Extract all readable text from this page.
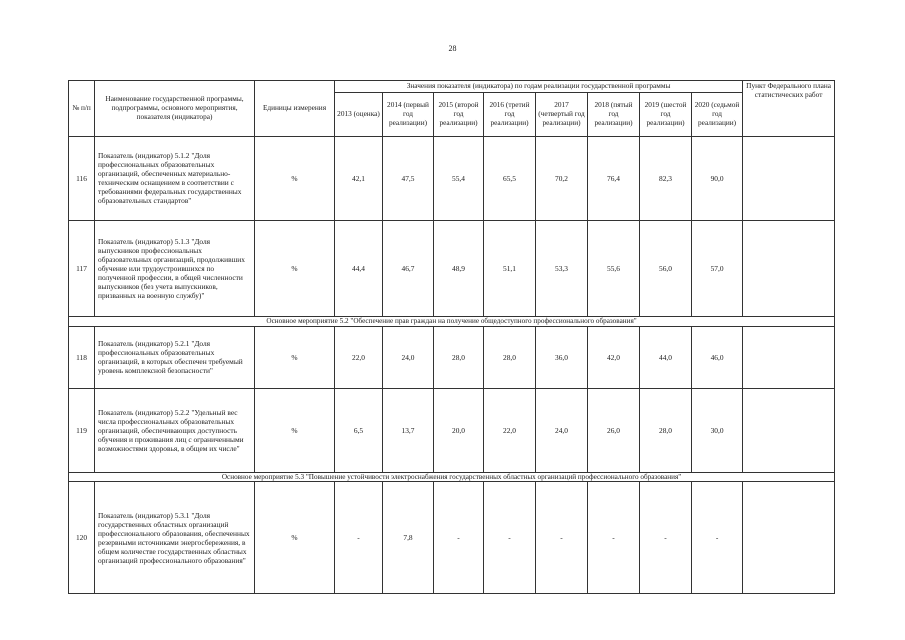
28
№ п/п	Наименование государственной программы, подпрограммы, основного мероприятия, показателя (индикатора)	Единицы измерения	Значения показателя (индикатора) по годам реализации государственной программы								Пункт Федерального плана статистических работ
			2013 (оценка)	2014 (первый год реализации)	2015 (второй год реализации)	2016 (третий год реализации)	2017 (четвертый год реализации)	2018 (пятый год реализации)	2019 (шестой год реализации)	2020 (седьмой год реализации)	
116	Показатель (индикатор) 5.1.2 "Доля профессиональных образовательных организаций, обеспеченных материально-техническим оснащением в соответствии с требованиями федеральных государственных образовательных стандартов"	%	42,1	47,5	55,4	65,5	70,2	76,4	82,3	90,0	
117	Показатель (индикатор) 5.1.3 "Доля выпускников профессиональных образовательных организаций, продолживших обучение или трудоустроившихся по полученной профессии, в общей численности выпускников (без учета выпускников, призванных на военную службу)"	%	44,4	46,7	48,9	51,1	53,3	55,6	56,0	57,0	
Основное мероприятие 5.2 "Обеспечение прав граждан на получение общедоступного профессионального образования"											
118	Показатель (индикатор) 5.2.1 "Доля профессиональных образовательных организаций, в которых обеспечен требуемый уровень комплексной безопасности"	%	22,0	24,0	28,0	28,0	36,0	42,0	44,0	46,0	
119	Показатель (индикатор) 5.2.2 "Удельный вес числа профессиональных образовательных организаций, обеспечивающих доступность обучения и проживания лиц с ограниченными возможностями здоровья, в общем их числе"	%	6,5	13,7	20,0	22,0	24,0	26,0	28,0	30,0	
Основное мероприятие 5.3 "Повышение устойчивости электроснабжения государственных областных организаций профессионального образования"											
120	Показатель (индикатор) 5.3.1 "Доля государственных областных организаций профессионального образования, обеспеченных резервными источниками энергосбережения, в общем количестве государственных областных организаций профессионального образования"	%	-	7,8	-	-	-	-	-	-	
